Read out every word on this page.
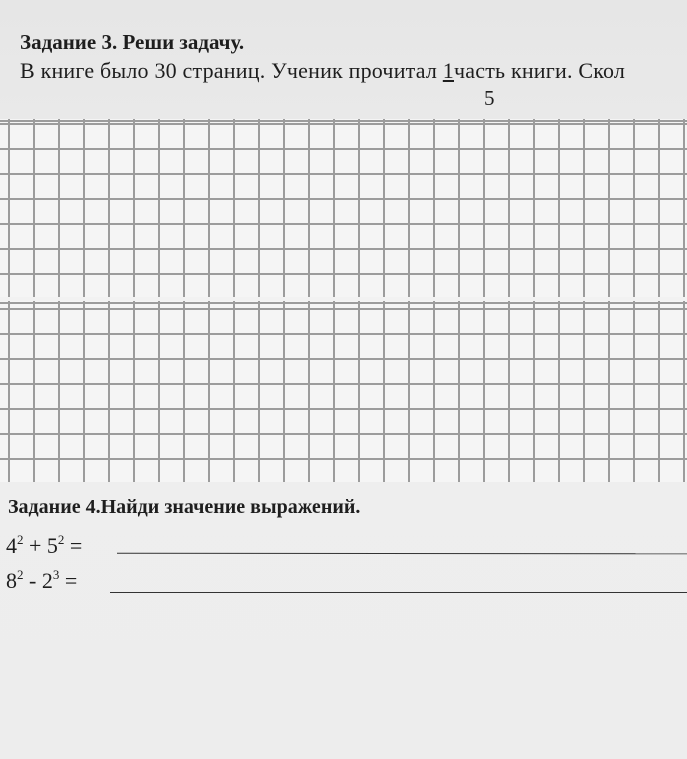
Задание 3. Реши задачу.
В книге было 30 страниц. Ученик прочитал 1часть книги. Скол
5
Задание 4.Найди значение выражений.
$4^2 + 5^2$ =
$8^2 - 2^3$ =
